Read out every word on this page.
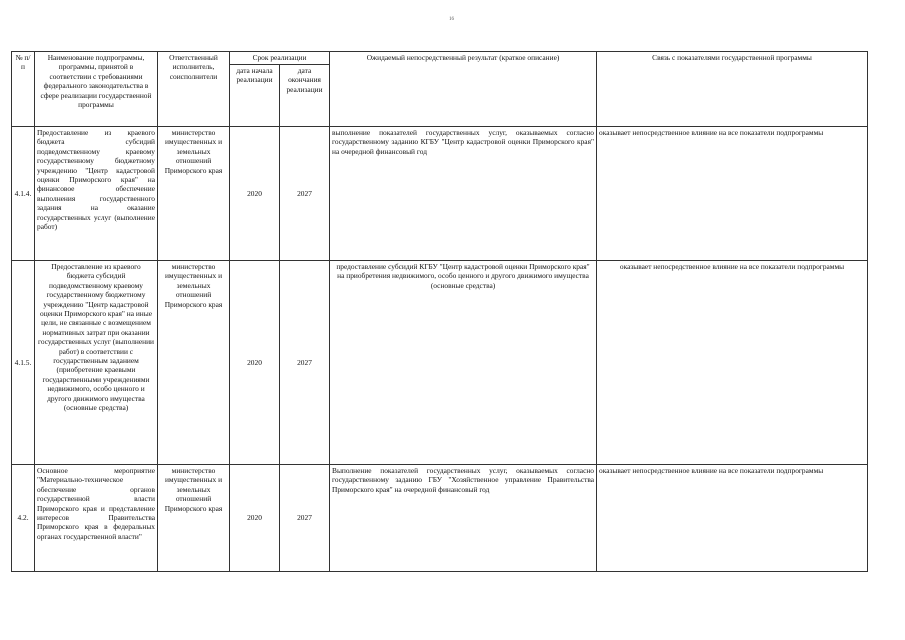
16
№ п/п	Наименование подпрограммы, программы, принятой в соответствии с требованиями федерального законодательства в сфере реализации государственной программы	Ответственный исполнитель, соисполнители	Срок реализации		Ожидаемый непосредственный результат (краткое описание)	Связь с показателями государственной программы
			дата начала реализации	дата окончания реализации		
4.1.4.	Предоставление из краевого бюджета субсидий подведомственному краевому государственному бюджетному учреждению "Центр кадастровой оценки Приморского края" на финансовое обеспечение выполнения государственного задания на оказание государственных услуг (выполнение работ)	министерство имущественных и земельных отношений Приморского края	2020	2027	выполнение показателей государственных услуг, оказываемых согласно государственному заданию КГБУ "Центр кадастровой оценки Приморского края" на очередной финансовый год	оказывает непосредственное влияние на все показатели подпрограммы
4.1.5.	Предоставление из краевого бюджета субсидий подведомственному краевому государственному бюджетному учреждению "Центр кадастровой оценки Приморского края" на иные цели, не связанные с возмещением нормативных затрат при оказании государственных услуг (выполнении работ) в соответствии с государственным заданием (приобретение краевыми государственными учреждениями недвижимого, особо ценного и другого движимого имущества (основные средства)	министерство имущественных и земельных отношений Приморского края	2020	2027	предоставление субсидий КГБУ "Центр кадастровой оценки Приморского края" на приобретения недвижимого, особо ценного и другого движимого имущества (основные средства)	оказывает непосредственное влияние на все показатели подпрограммы
4.2.	Основное мероприятие "Материально-техническое обеспечение органов государственной власти Приморского края и представление интересов Правительства Приморского края в федеральных органах государственной власти"	министерство имущественных и земельных отношений Приморского края	2020	2027	Выполнение показателей государственных услуг, оказываемых согласно государственному заданию ГБУ "Хозяйственное управление Правительства Приморского края" на очередной финансовый год	оказывает непосредственное влияние на все показатели подпрограммы
